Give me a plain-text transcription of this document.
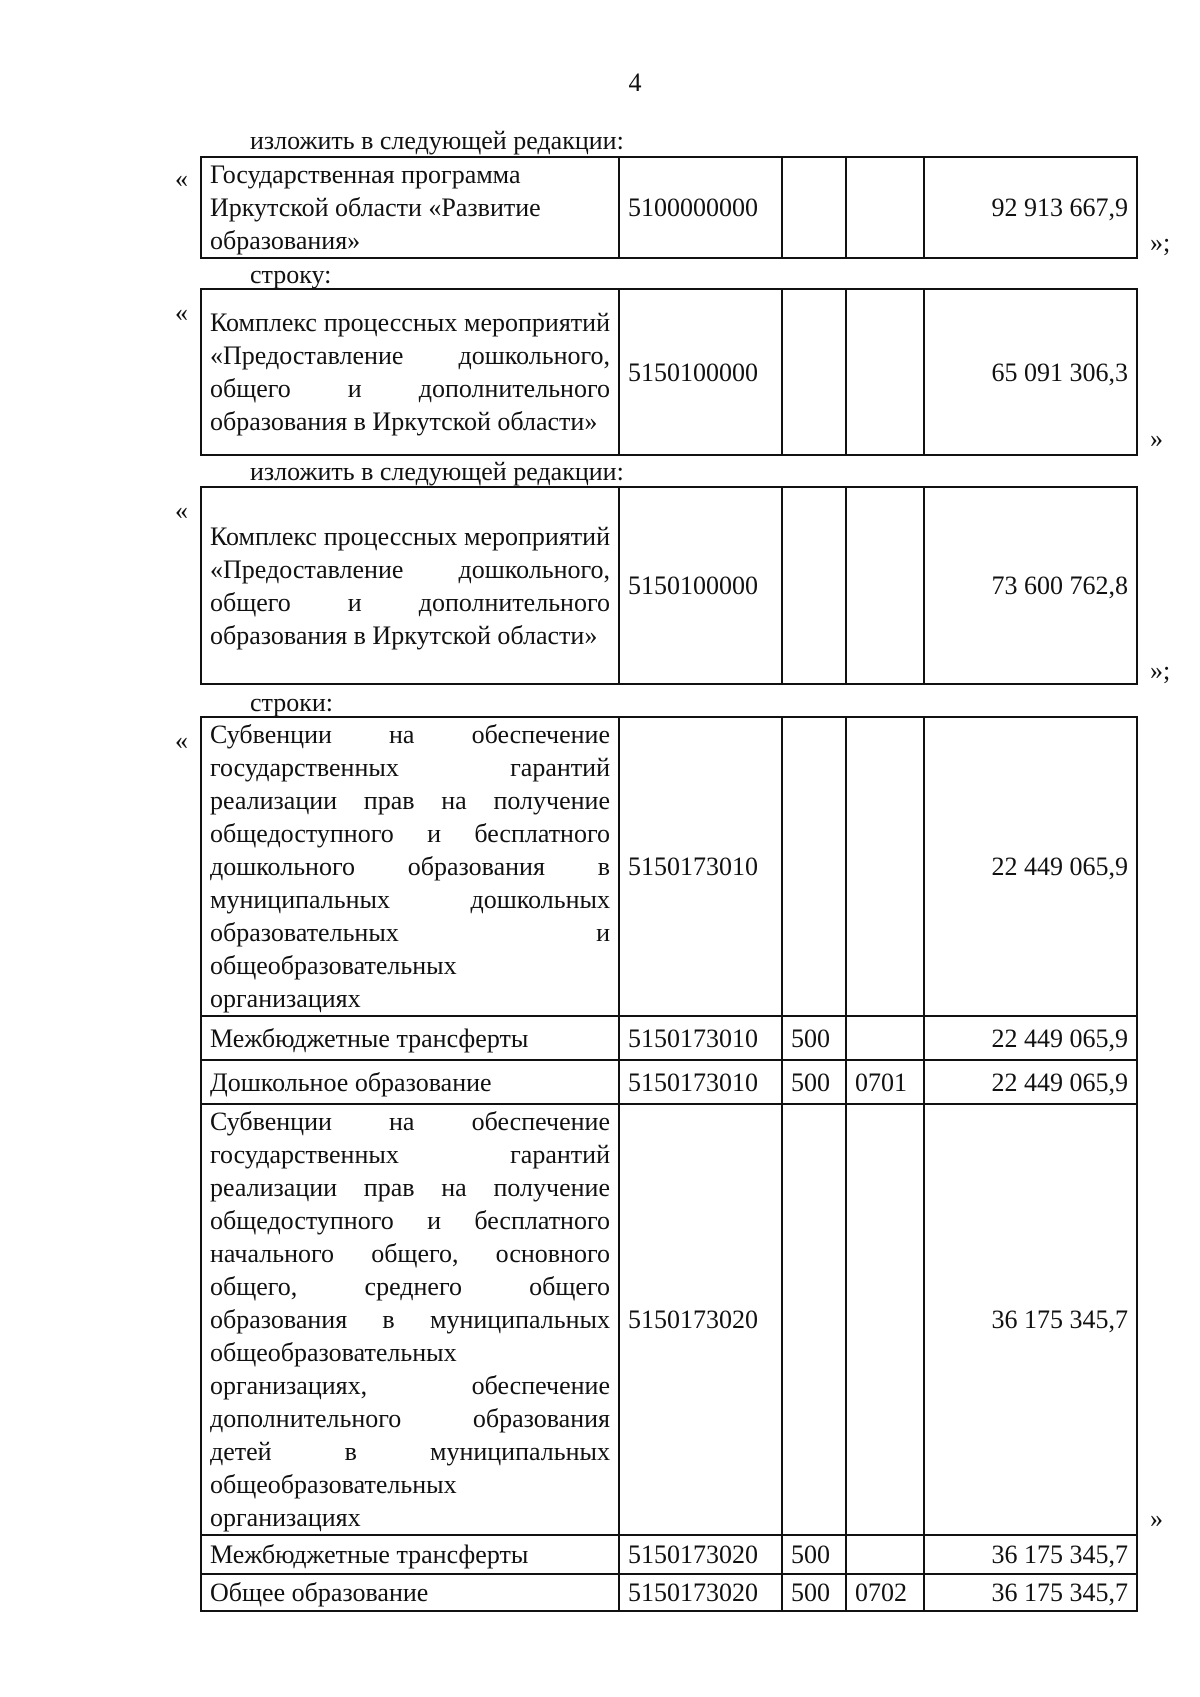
4
изложить в следующей редакции:
« Государственная программа Иркутской области «Развитие образования»	5100000000			92 913 667,9
»;
строку:
« Комплекс процессных мероприятий «Предоставление дошкольного, общего и дополнительного образования в Иркутской области»	5150100000			65 091 306,3
»
изложить в следующей редакции:
«
Комплекс процессных мероприятий «Предоставление дошкольного, общего и дополнительного образования в Иркутской области»	5150100000			73 600 762,8
»;
строки:
« Субвенции на обеспечение государственных гарантий реализации прав на получение общедоступного и бесплатного дошкольного образования в муниципальных дошкольных образовательных и общеобразовательных организациях	5150173010			22 449 065,9
Межбюджетные трансферты	5150173010	500		22 449 065,9
Дошкольное образование	5150173010	500	0701	22 449 065,9
Субвенции на обеспечение государственных гарантий реализации прав на получение общедоступного и бесплатного начального общего, основного общего, среднего общего образования в муниципальных общеобразовательных организациях, обеспечение дополнительного образования детей в муниципальных общеобразовательных организациях	5150173020			36 175 345,7
Межбюджетные трансферты	5150173020	500		36 175 345,7
Общее образование	5150173020	500	0702	36 175 345,7
»
